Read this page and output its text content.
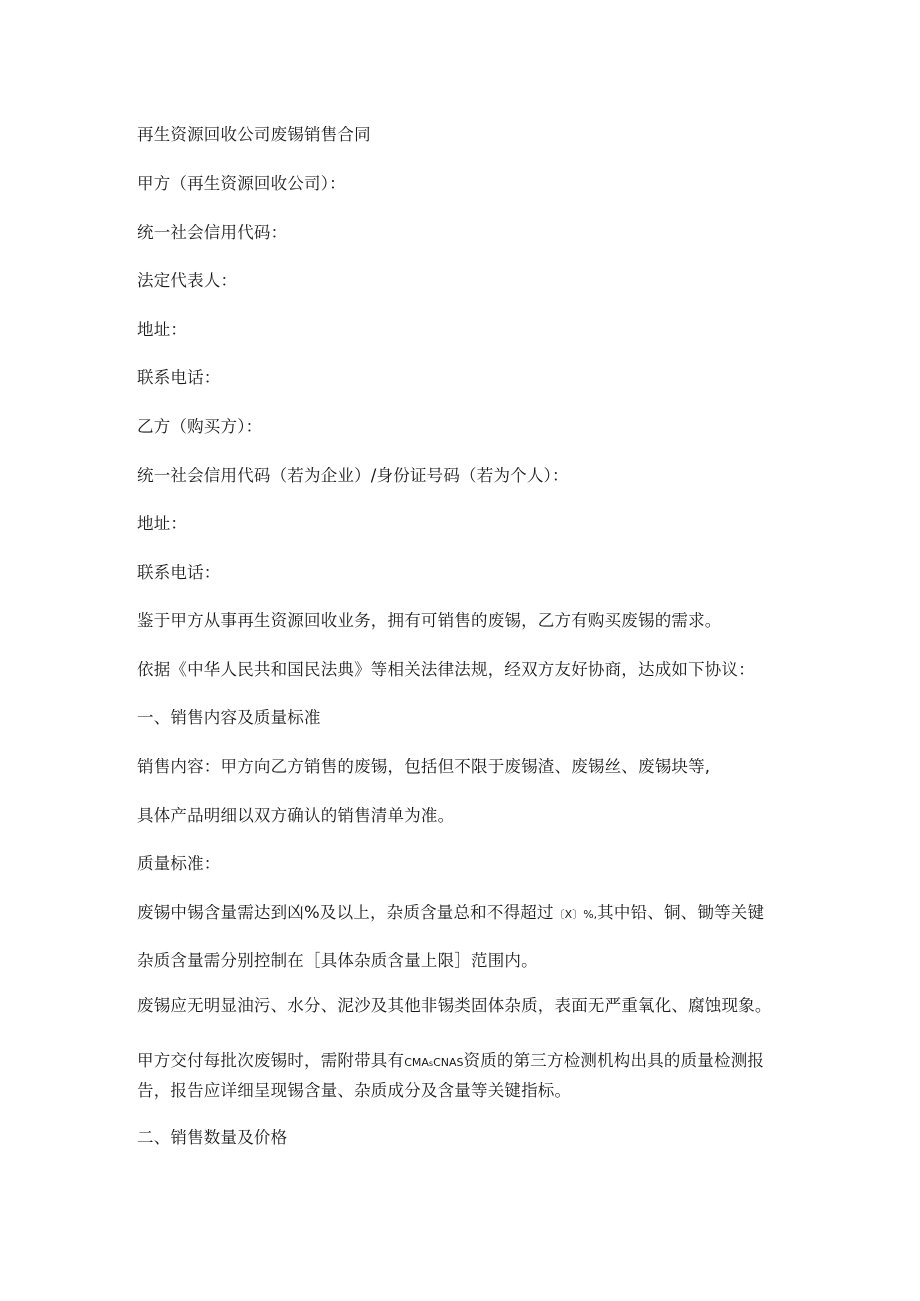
再生资源回收公司废锡销售合同
甲方（再生资源回收公司）：
统一社会信用代码：
法定代表人：
地址：
联系电话：
乙方（购买方）：
统一社会信用代码（若为企业）/身份证号码（若为个人）：
地址：
联系电话：
鉴于甲方从事再生资源回收业务，拥有可销售的废锡，乙方有购买废锡的需求。
依据《中华人民共和国民法典》等相关法律法规，经双方友好协商，达成如下协议：
一、销售内容及质量标准
销售内容：甲方向乙方销售的废锡，包括但不限于废锡渣、废锡丝、废锡块等,
具体产品明细以双方确认的销售清单为准。
质量标准：
废锡中锡含量需达到凶%及以上，杂质含量总和不得超过〔X〕%,其中铅、铜、锄等关键
杂质含量需分别控制在［具体杂质含量上限］范围内。
废锡应无明显油污、水分、泥沙及其他非锡类固体杂质，表面无严重氧化、腐蚀现象。
甲方交付每批次废锡时，需附带具有CMAsCNAS资质的第三方检测机构出具的质量检测报
告，报告应详细呈现锡含量、杂质成分及含量等关键指标。
二、销售数量及价格
